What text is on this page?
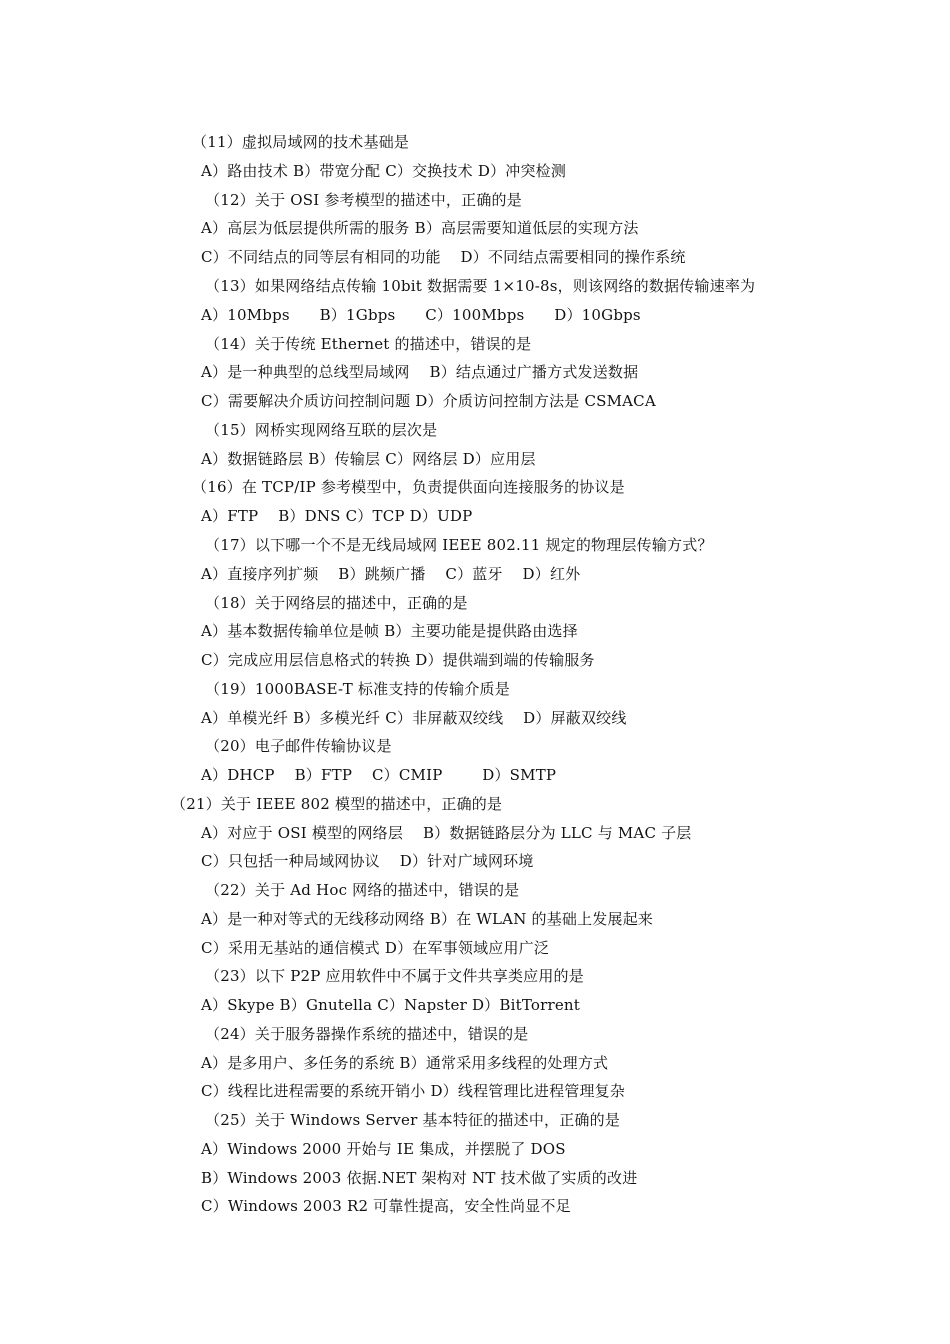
（11）虚拟局域网的技术基础是
A）路由技术 B）带宽分配 C）交换技术 D）冲突检测
（12）关于 OSI 参考模型的描述中，正确的是
A）高层为低层提供所需的服务 B）高层需要知道低层的实现方法
C）不同结点的同等层有相同的功能    D）不同结点需要相同的操作系统
（13）如果网络结点传输 10bit 数据需要 1×10-8s，则该网络的数据传输速率为
A）10Mbps      B）1Gbps      C）100Mbps      D）10Gbps
（14）关于传统 Ethernet 的描述中，错误的是
A）是一种典型的总线型局域网    B）结点通过广播方式发送数据
C）需要解决介质访问控制问题 D）介质访问控制方法是 CSMACA
（15）网桥实现网络互联的层次是
A）数据链路层 B）传输层 C）网络层 D）应用层
（16）在 TCP/IP 参考模型中，负责提供面向连接服务的协议是
A）FTP    B）DNS C）TCP D）UDP
（17）以下哪一个不是无线局域网 IEEE 802.11 规定的物理层传输方式？
A）直接序列扩频    B）跳频广播    C）蓝牙    D）红外
（18）关于网络层的描述中，正确的是
A）基本数据传输单位是帧 B）主要功能是提供路由选择
C）完成应用层信息格式的转换 D）提供端到端的传输服务
（19）1000BASE-T 标准支持的传输介质是
A）单模光纤 B）多模光纤 C）非屏蔽双绞线    D）屏蔽双绞线
（20）电子邮件传输协议是
A）DHCP    B）FTP    C）CMIP        D）SMTP
（21）关于 IEEE 802 模型的描述中，正确的是
A）对应于 OSI 模型的网络层    B）数据链路层分为 LLC 与 MAC 子层
C）只包括一种局域网协议    D）针对广域网环境
（22）关于 Ad Hoc 网络的描述中，错误的是
A）是一种对等式的无线移动网络 B）在 WLAN 的基础上发展起来
C）采用无基站的通信模式 D）在军事领域应用广泛
（23）以下 P2P 应用软件中不属于文件共享类应用的是
A）Skype B）Gnutella C）Napster D）BitTorrent
（24）关于服务器操作系统的描述中，错误的是
A）是多用户、多任务的系统 B）通常采用多线程的处理方式
C）线程比进程需要的系统开销小 D）线程管理比进程管理复杂
（25）关于 Windows Server 基本特征的描述中，正确的是
A）Windows 2000 开始与 IE 集成，并摆脱了 DOS
B）Windows 2003 依据.NET 架构对 NT 技术做了实质的改进
C）Windows 2003 R2 可靠性提高，安全性尚显不足
